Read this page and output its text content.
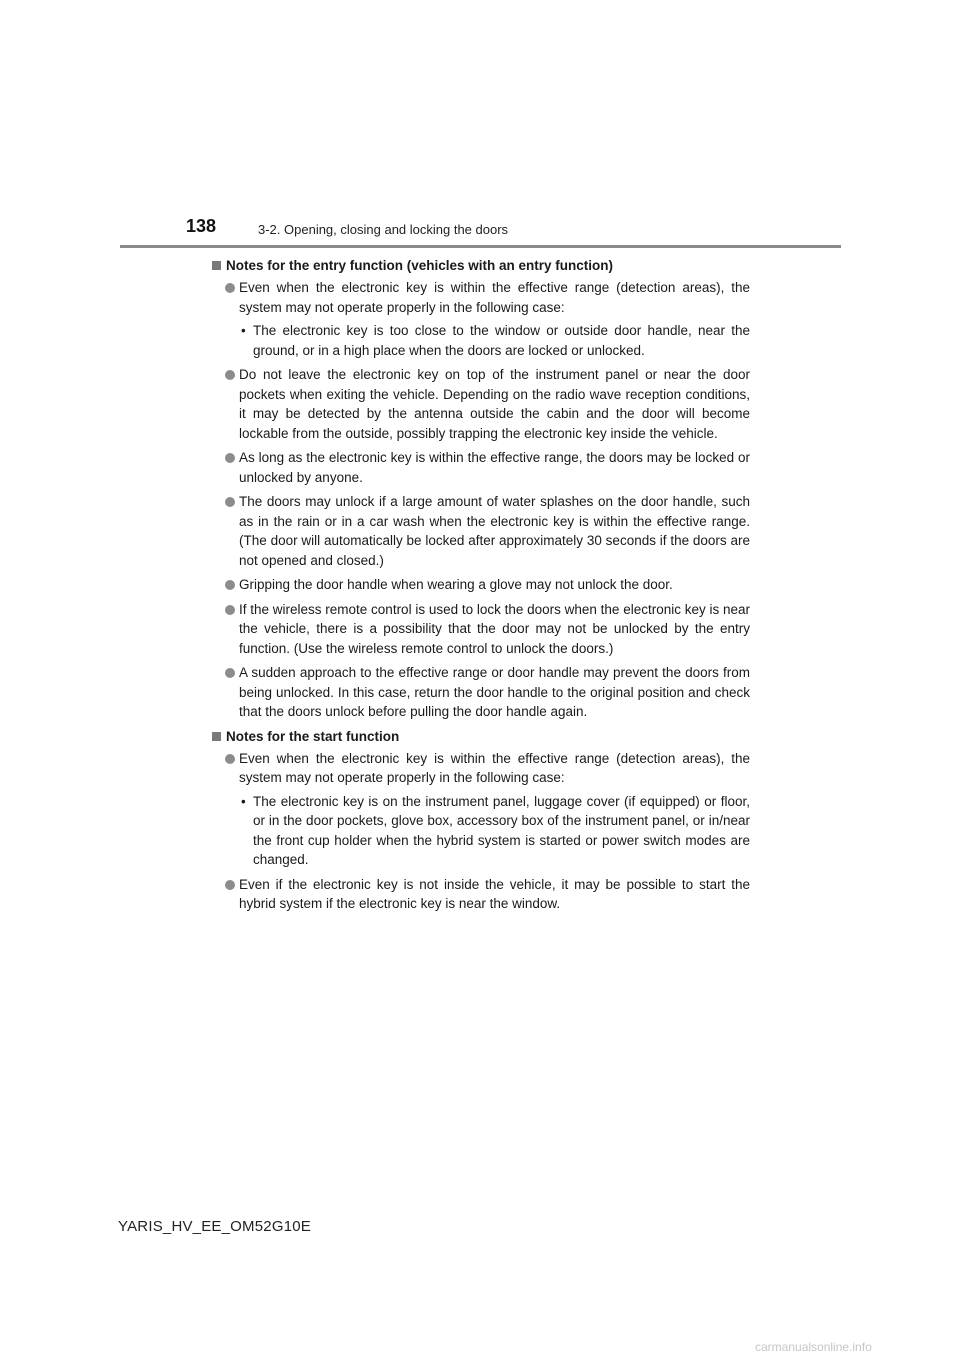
138	3-2. Opening, closing and locking the doors
Notes for the entry function (vehicles with an entry function)
Even when the electronic key is within the effective range (detection areas), the system may not operate properly in the following case:
• The electronic key is too close to the window or outside door handle, near the ground, or in a high place when the doors are locked or unlocked.
Do not leave the electronic key on top of the instrument panel or near the door pockets when exiting the vehicle. Depending on the radio wave reception conditions, it may be detected by the antenna outside the cabin and the door will become lockable from the outside, possibly trapping the electronic key inside the vehicle.
As long as the electronic key is within the effective range, the doors may be locked or unlocked by anyone.
The doors may unlock if a large amount of water splashes on the door handle, such as in the rain or in a car wash when the electronic key is within the effective range. (The door will automatically be locked after approximately 30 seconds if the doors are not opened and closed.)
Gripping the door handle when wearing a glove may not unlock the door.
If the wireless remote control is used to lock the doors when the electronic key is near the vehicle, there is a possibility that the door may not be unlocked by the entry function. (Use the wireless remote control to unlock the doors.)
A sudden approach to the effective range or door handle may prevent the doors from being unlocked. In this case, return the door handle to the original position and check that the doors unlock before pulling the door handle again.
Notes for the start function
Even when the electronic key is within the effective range (detection areas), the system may not operate properly in the following case:
• The electronic key is on the instrument panel, luggage cover (if equipped) or floor, or in the door pockets, glove box, accessory box of the instrument panel, or in/near the front cup holder when the hybrid system is started or power switch modes are changed.
Even if the electronic key is not inside the vehicle, it may be possible to start the hybrid system if the electronic key is near the window.
YARIS_HV_EE_OM52G10E
carmanualsonline.info
